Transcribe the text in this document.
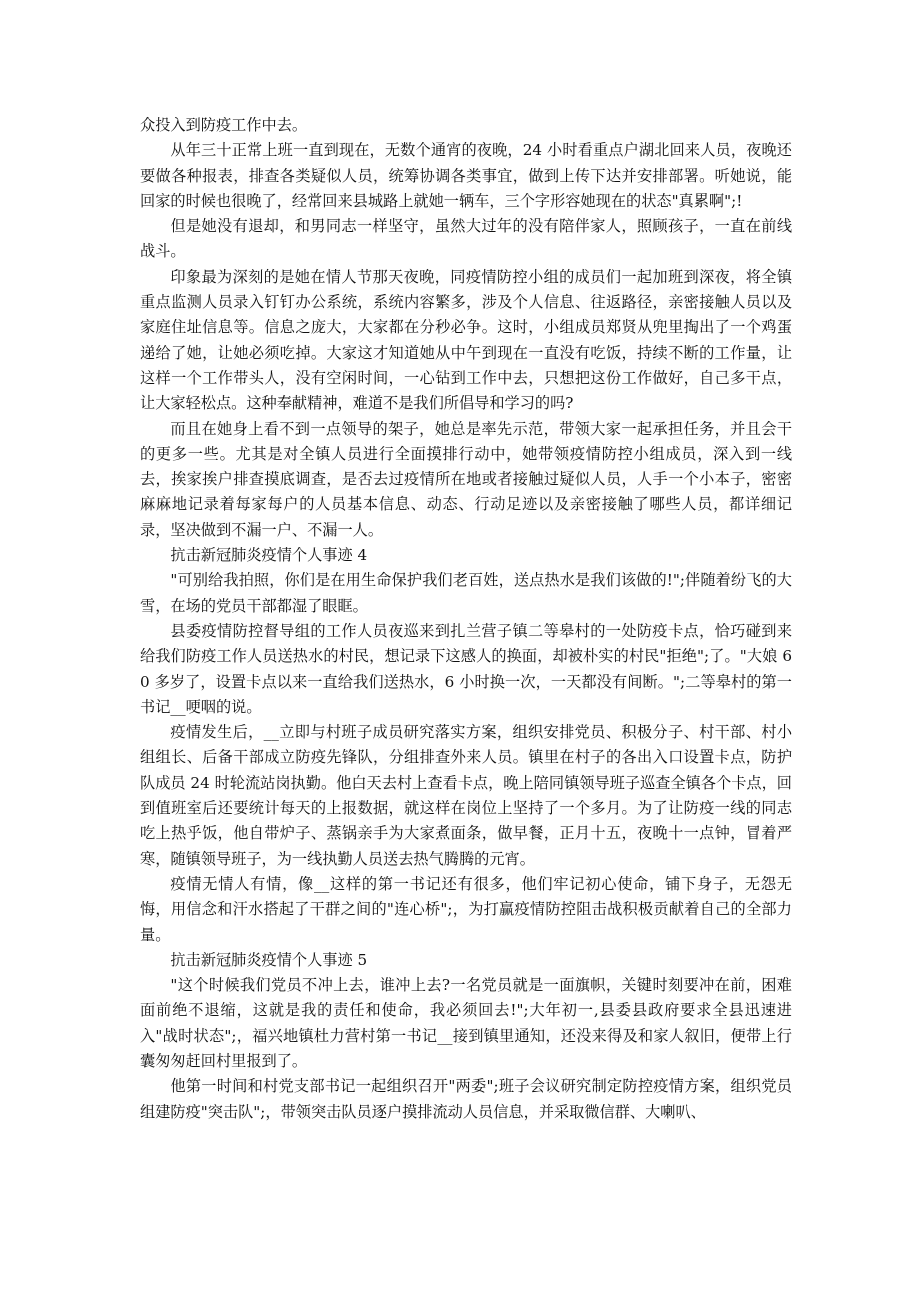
众投入到防疫工作中去。

从年三十正常上班一直到现在，无数个通宵的夜晚，24 小时看重点户湖北回来人员，夜晚还要做各种报表，排查各类疑似人员，统筹协调各类事宜，做到上传下达并安排部署。听她说，能回家的时候也很晚了，经常回来县城路上就她一辆车，三个字形容她现在的状态"真累啊";!

但是她没有退却，和男同志一样坚守，虽然大过年的没有陪伴家人，照顾孩子，一直在前线战斗。

印象最为深刻的是她在情人节那天夜晚，同疫情防控小组的成员们一起加班到深夜，将全镇重点监测人员录入钉钉办公系统，系统内容繁多，涉及个人信息、往返路径，亲密接触人员以及家庭住址信息等。信息之庞大，大家都在分秒必争。这时，小组成员郑贤从兜里掏出了一个鸡蛋递给了她，让她必须吃掉。大家这才知道她从中午到现在一直没有吃饭，持续不断的工作量，让这样一个工作带头人，没有空闲时间，一心钻到工作中去，只想把这份工作做好，自己多干点，让大家轻松点。这种奉献精神，难道不是我们所倡导和学习的吗?

而且在她身上看不到一点领导的架子，她总是率先示范，带领大家一起承担任务，并且会干的更多一些。尤其是对全镇人员进行全面摸排行动中，她带领疫情防控小组成员，深入到一线去，挨家挨户排查摸底调查，是否去过疫情所在地或者接触过疑似人员，人手一个小本子，密密麻麻地记录着每家每户的人员基本信息、动态、行动足迹以及亲密接触了哪些人员，都详细记录，坚决做到不漏一户、不漏一人。

抗击新冠肺炎疫情个人事迹 4

"可别给我拍照，你们是在用生命保护我们老百姓，送点热水是我们该做的!";伴随着纷飞的大雪，在场的党员干部都湿了眼眶。

县委疫情防控督导组的工作人员夜巡来到扎兰营子镇二等皋村的一处防疫卡点，恰巧碰到来给我们防疫工作人员送热水的村民，想记录下这感人的换面，却被朴实的村民"拒绝";了。"大娘 60 多岁了，设置卡点以来一直给我们送热水，6 小时换一次，一天都没有间断。";二等皋村的第一书记__哽咽的说。

疫情发生后，__立即与村班子成员研究落实方案，组织安排党员、积极分子、村干部、村小组组长、后备干部成立防疫先锋队，分组排查外来人员。镇里在村子的各出入口设置卡点，防护队成员 24 时轮流站岗执勤。他白天去村上查看卡点，晚上陪同镇领导班子巡查全镇各个卡点，回到值班室后还要统计每天的上报数据，就这样在岗位上坚持了一个多月。为了让防疫一线的同志吃上热乎饭，他自带炉子、蒸锅亲手为大家煮面条，做早餐，正月十五，夜晚十一点钟，冒着严寒，随镇领导班子，为一线执勤人员送去热气腾腾的元宵。

疫情无情人有情，像__这样的第一书记还有很多，他们牢记初心使命，铺下身子，无怨无悔，用信念和汗水搭起了干群之间的"连心桥";，为打赢疫情防控阻击战积极贡献着自己的全部力量。

抗击新冠肺炎疫情个人事迹 5

"这个时候我们党员不冲上去，谁冲上去?一名党员就是一面旗帜，关键时刻要冲在前，困难面前绝不退缩，这就是我的责任和使命，我必须回去!";大年初一,县委县政府要求全县迅速进入"战时状态";，福兴地镇杜力营村第一书记__接到镇里通知，还没来得及和家人叙旧，便带上行囊匆匆赶回村里报到了。

他第一时间和村党支部书记一起组织召开"两委";班子会议研究制定防控疫情方案，组织党员组建防疫"突击队";，带领突击队员逐户摸排流动人员信息，并采取微信群、大喇叭、
